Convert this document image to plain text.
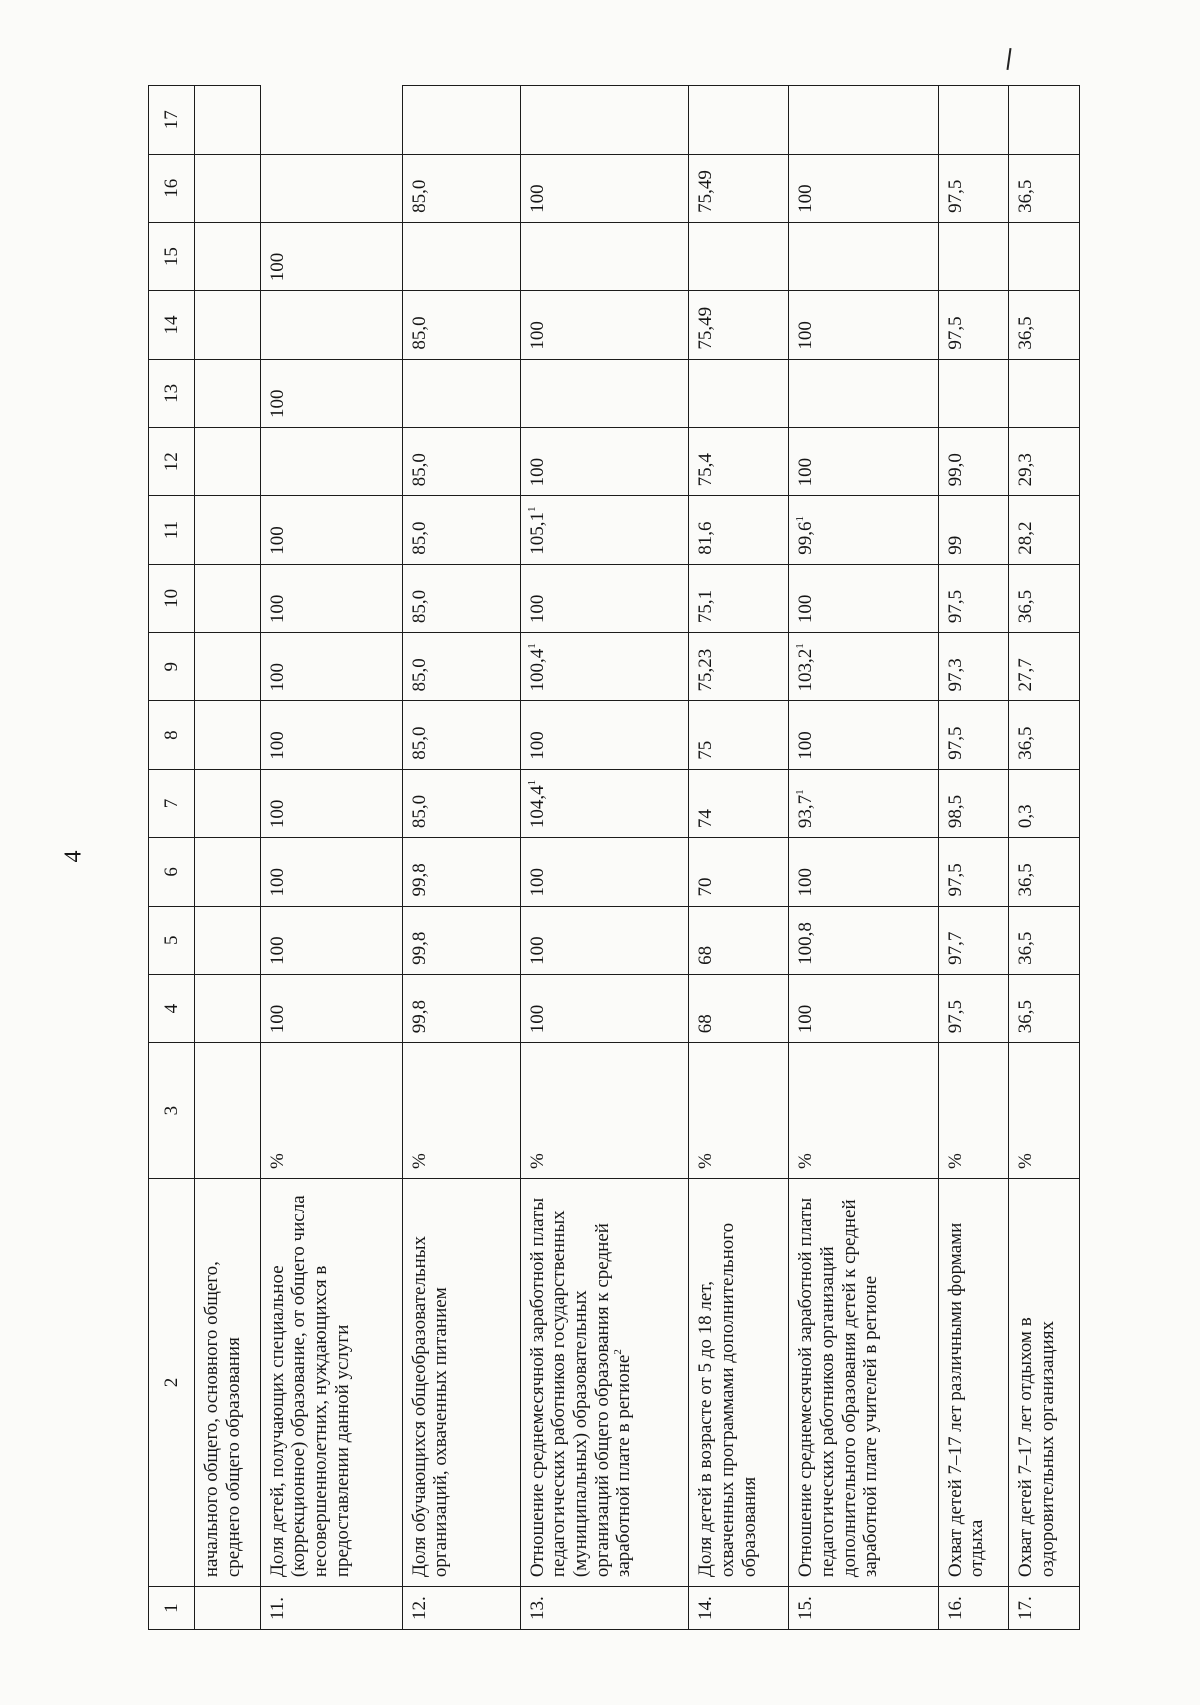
4
1	2	3	4	5	6	7	8	9	10	11	12	13	14	15	16	17
	начального общего, основного общего, среднего общего образования															
11.	Доля детей, получающих специальное (коррекционное) образование, от общего числа несовершеннолетних, нуждающихся в предоставлении данной услуги	%	100	100	100	100	100	100	100	100		100		100		
12.	Доля обучающихся общеобразовательных организаций, охваченных питанием	%	99,8	99,8	99,8	85,0	85,0	85,0	85,0	85,0	85,0		85,0		85,0	
13.	Отношение среднемесячной заработной платы педагогических работников государственных (муниципальных) образовательных организаций общего образования к средней заработной плате в регионе$^2$	%	100	100	100	104,4$^1$	100	100,4$^1$	100	105,1$^1$	100		100		100	
14.	Доля детей в возрасте от 5 до 18 лет, охваченных программами дополнительного образования	%	68	68	70	74	75	75,23	75,1	81,6	75,4		75,49		75,49	
15.	Отношение среднемесячной заработной платы педагогических работников организаций дополнительного образования детей к средней заработной плате учителей в регионе	%	100	100,8	100	93,7$^1$	100	103,2$^1$	100	99,6$^1$	100		100		100	
16.	Охват детей 7–17 лет различными формами отдыха	%	97,5	97,7	97,5	98,5	97,5	97,3	97,5	99	99,0		97,5		97,5	
17.	Охват детей 7–17 лет отдыхом в оздоровительных организациях	%	36,5	36,5	36,5	0,3	36,5	27,7	36,5	28,2	29,3		36,5		36,5	
